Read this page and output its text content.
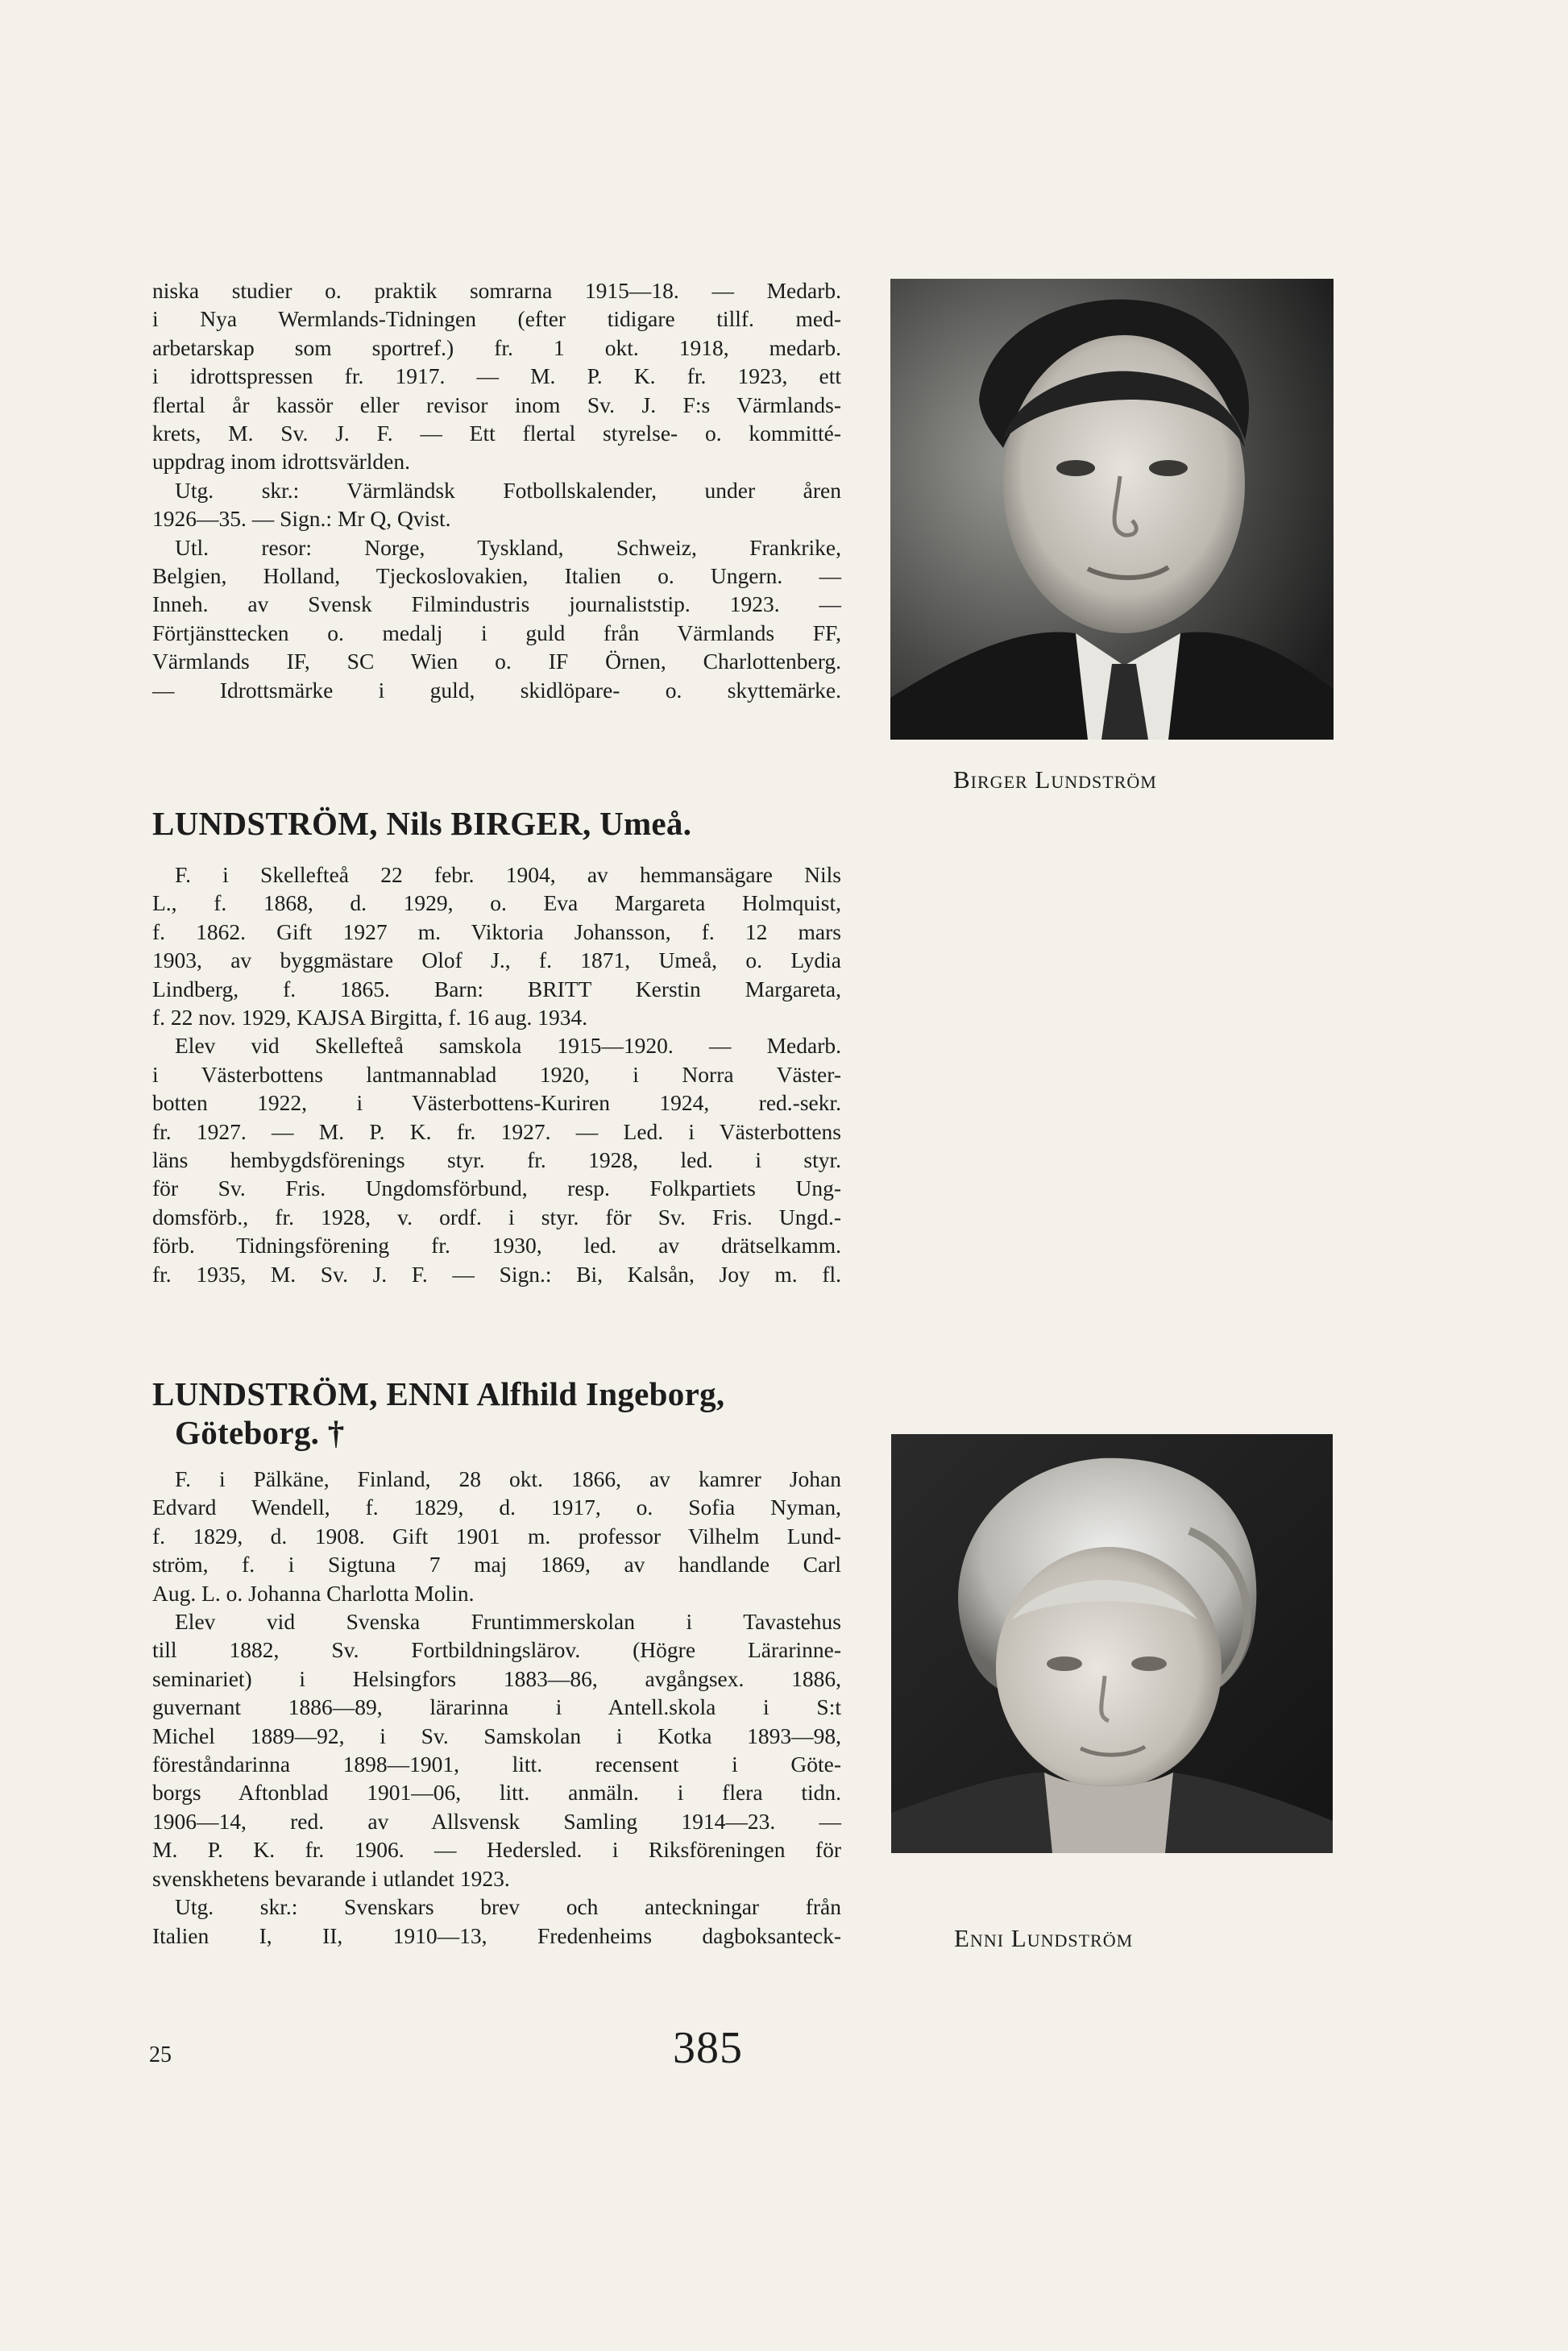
niska studier o. praktik somrarna 1915—18. — Medarb.
i Nya Wermlands-Tidningen (efter tidigare tillf. med-
arbetarskap som sportref.) fr. 1 okt. 1918, medarb.
i idrottspressen fr. 1917. — M. P. K. fr. 1923, ett
flertal år kassör eller revisor inom Sv. J. F:s Värmlands-
krets, M. Sv. J. F. — Ett flertal styrelse- o. kommitté-
uppdrag inom idrottsvärlden.
Utg. skr.: Värmländsk Fotbollskalender, under åren
1926—35. — Sign.: Mr Q, Qvist.
Utl. resor: Norge, Tyskland, Schweiz, Frankrike,
Belgien, Holland, Tjeckoslovakien, Italien o. Ungern. —
Inneh. av Svensk Filmindustris journaliststip. 1923. —
Förtjänsttecken o. medalj i guld från Värmlands FF,
Värmlands IF, SC Wien o. IF Örnen, Charlottenberg.
— Idrottsmärke i guld, skidlöpare- o. skyttemärke.

Birger Lundström
LUNDSTRÖM, Nils BIRGER, Umeå.

F. i Skellefteå 22 febr. 1904, av hemmansägare Nils
L., f. 1868, d. 1929, o. Eva Margareta Holmquist,
f. 1862. Gift 1927 m. Viktoria Johansson, f. 12 mars
1903, av byggmästare Olof J., f. 1871, Umeå, o. Lydia
Lindberg, f. 1865. Barn: BRITT Kerstin Margareta,
f. 22 nov. 1929, KAJSA Birgitta, f. 16 aug. 1934.
Elev vid Skellefteå samskola 1915—1920. — Medarb.
i Västerbottens lantmannablad 1920, i Norra Väster-
botten 1922, i Västerbottens-Kuriren 1924, red.-sekr.
fr. 1927. — M. P. K. fr. 1927. — Led. i Västerbottens
läns hembygdsförenings styr. fr. 1928, led. i styr.
för Sv. Fris. Ungdomsförbund, resp. Folkpartiets Ung-
domsförb., fr. 1928, v. ordf. i styr. för Sv. Fris. Ungd.-
förb. Tidningsförening fr. 1930, led. av drätselkamm.
fr. 1935, M. Sv. J. F. — Sign.: Bi, Kalsån, Joy m. fl.

LUNDSTRÖM, ENNI Alfhild Ingeborg,
Göteborg. †

F. i Pälkäne, Finland, 28 okt. 1866, av kamrer Johan
Edvard Wendell, f. 1829, d. 1917, o. Sofia Nyman,
f. 1829, d. 1908. Gift 1901 m. professor Vilhelm Lund-
ström, f. i Sigtuna 7 maj 1869, av handlande Carl
Aug. L. o. Johanna Charlotta Molin.
Elev vid Svenska Fruntimmerskolan i Tavastehus
till 1882, Sv. Fortbildningslärov. (Högre Lärarinne-
seminariet) i Helsingfors 1883—86, avgångsex. 1886,
guvernant 1886—89, lärarinna i Antell.skola i S:t
Michel 1889—92, i Sv. Samskolan i Kotka 1893—98,
föreståndarinna 1898—1901, litt. recensent i Göte-
borgs Aftonblad 1901—06, litt. anmäln. i flera tidn.
1906—14, red. av Allsvensk Samling 1914—23. —
M. P. K. fr. 1906. — Hedersled. i Riksföreningen för
svenskhetens bevarande i utlandet 1923.
Utg. skr.: Svenskars brev och anteckningar från
Italien I, II, 1910—13, Fredenheims dagboksanteck-	Enni Lundström
25	385
